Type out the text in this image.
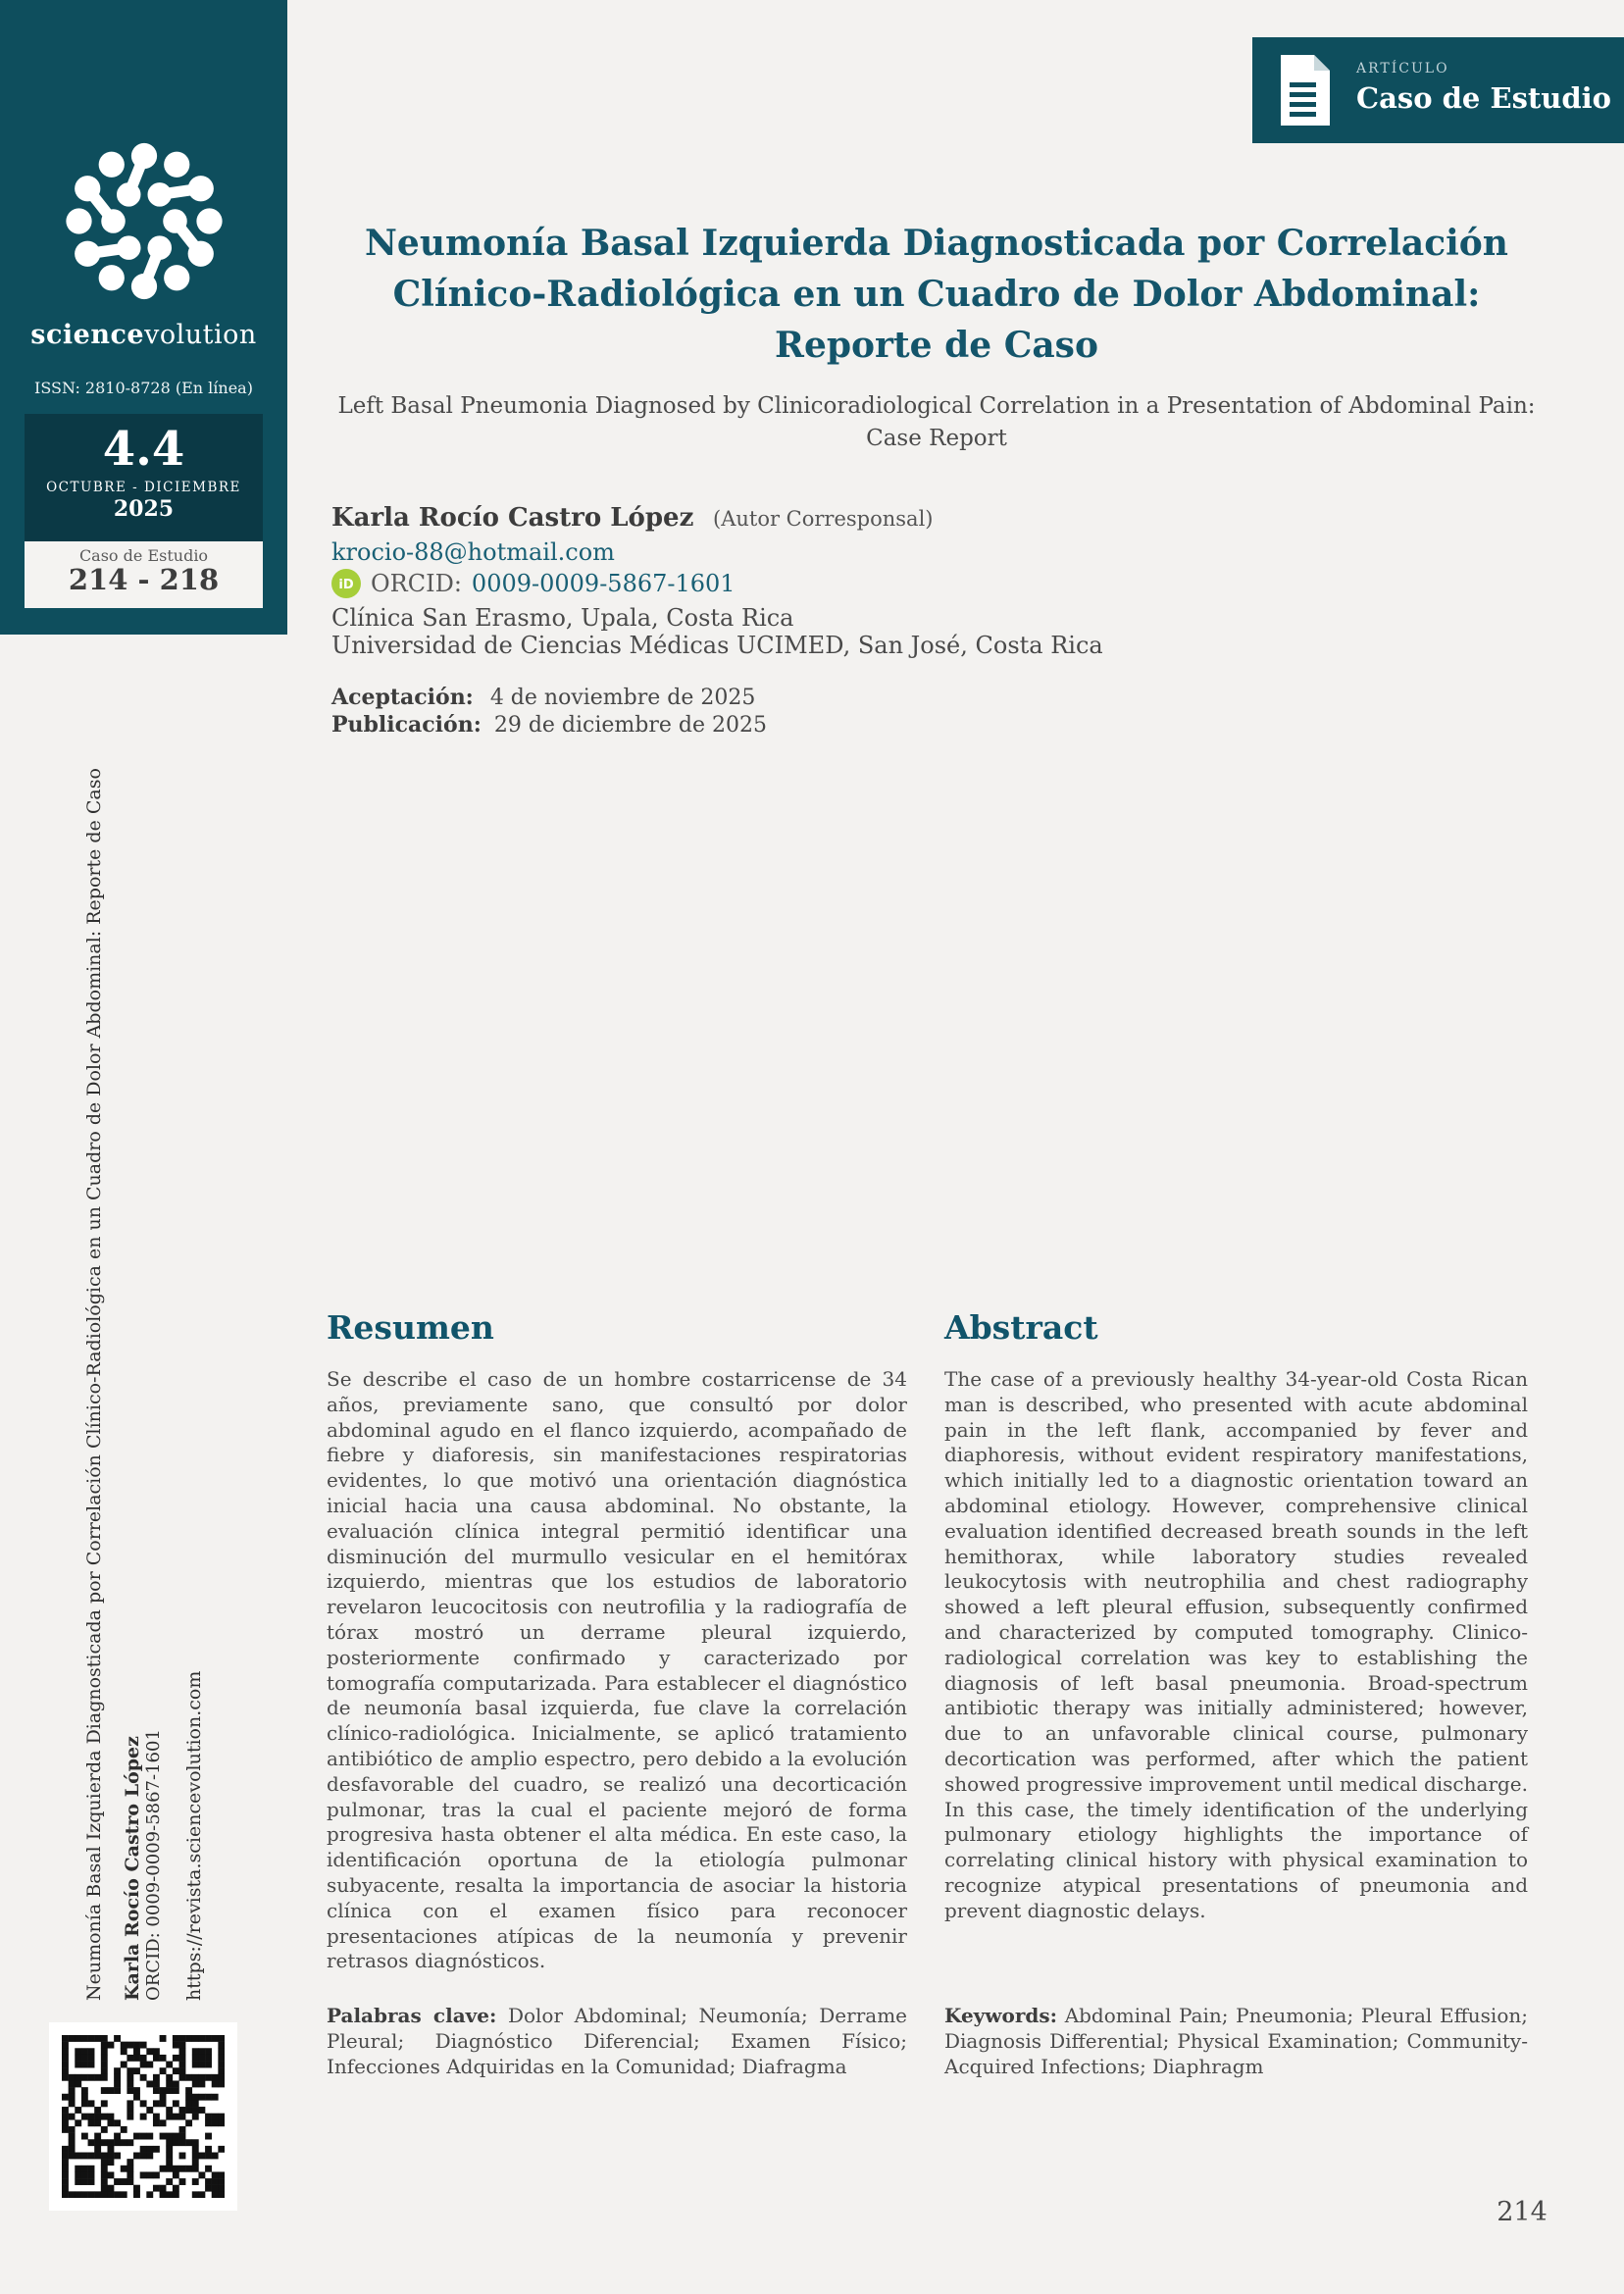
sciencevolution
ISSN: 2810-8728 (En línea)
4.4
OCTUBRE - DICIEMBRE
2025
Caso de Estudio
214 - 218
ARTÍCULO
Caso de Estudio
Neumonía Basal Izquierda Diagnosticada por Correlación Clínico-Radiológica en un Cuadro de Dolor Abdominal: Reporte de Caso
Left Basal Pneumonia Diagnosed by Clinicoradiological Correlation in a Presentation of Abdominal Pain: Case Report
Karla Rocío Castro López (Autor Corresponsal)
krocio-88@hotmail.com
iD ORCID: 0009-0009-5867-1601
Clínica San Erasmo, Upala, Costa Rica
Universidad de Ciencias Médicas UCIMED, San José, Costa Rica
Aceptación: 4 de noviembre de 2025
Publicación: 29 de diciembre de 2025
Resumen	Abstract
Se describe el caso de un hombre costarricense de 34 años, previamente sano, que consultó por dolor abdominal agudo en el flanco izquierdo, acompañado de fiebre y diaforesis, sin manifestaciones respiratorias evidentes, lo que motivó una orientación diagnóstica inicial hacia una causa abdominal. No obstante, la evaluación clínica integral permitió identificar una disminución del murmullo vesicular en el hemitórax izquierdo, mientras que los estudios de laboratorio revelaron leucocitosis con neutrofilia y la radiografía de tórax mostró un derrame pleural izquierdo, posteriormente confirmado y caracterizado por tomografía computarizada. Para establecer el diagnóstico de neumonía basal izquierda, fue clave la correlación clínico-radiológica. Inicialmente, se aplicó tratamiento antibiótico de amplio espectro, pero debido a la evolución desfavorable del cuadro, se realizó una decorticación pulmonar, tras la cual el paciente mejoró de forma progresiva hasta obtener el alta médica. En este caso, la identificación oportuna de la etiología pulmonar subyacente, resalta la importancia de asociar la historia clínica con el examen físico para reconocer presentaciones atípicas de la neumonía y prevenir retrasos diagnósticos.
The case of a previously healthy 34-year-old Costa Rican man is described, who presented with acute abdominal pain in the left flank, accompanied by fever and diaphoresis, without evident respiratory manifestations, which initially led to a diagnostic orientation toward an abdominal etiology. However, comprehensive clinical evaluation identified decreased breath sounds in the left hemithorax, while laboratory studies revealed leukocytosis with neutrophilia and chest radiography showed a left pleural effusion, subsequently confirmed and characterized by computed tomography. Clinico-radiological correlation was key to establishing the diagnosis of left basal pneumonia. Broad-spectrum antibiotic therapy was initially administered; however, due to an unfavorable clinical course, pulmonary decortication was performed, after which the patient showed progressive improvement until medical discharge. In this case, the timely identification of the underlying pulmonary etiology highlights the importance of correlating clinical history with physical examination to recognize atypical presentations of pneumonia and prevent diagnostic delays.
Palabras clave: Dolor Abdominal; Neumonía; Derrame Pleural; Diagnóstico Diferencial; Examen Físico; Infecciones Adquiridas en la Comunidad; Diafragma
Keywords: Abdominal Pain; Pneumonia; Pleural Effusion; Diagnosis Differential; Physical Examination; Community-Acquired Infections; Diaphragm
Neumonía Basal Izquierda Diagnosticada por Correlación Clínico-Radiológica en un Cuadro de Dolor Abdominal: Reporte de Caso Karla Rocío Castro López ORCID: 0009-0009-5867-1601 https://revista.sciencevolution.com
214
